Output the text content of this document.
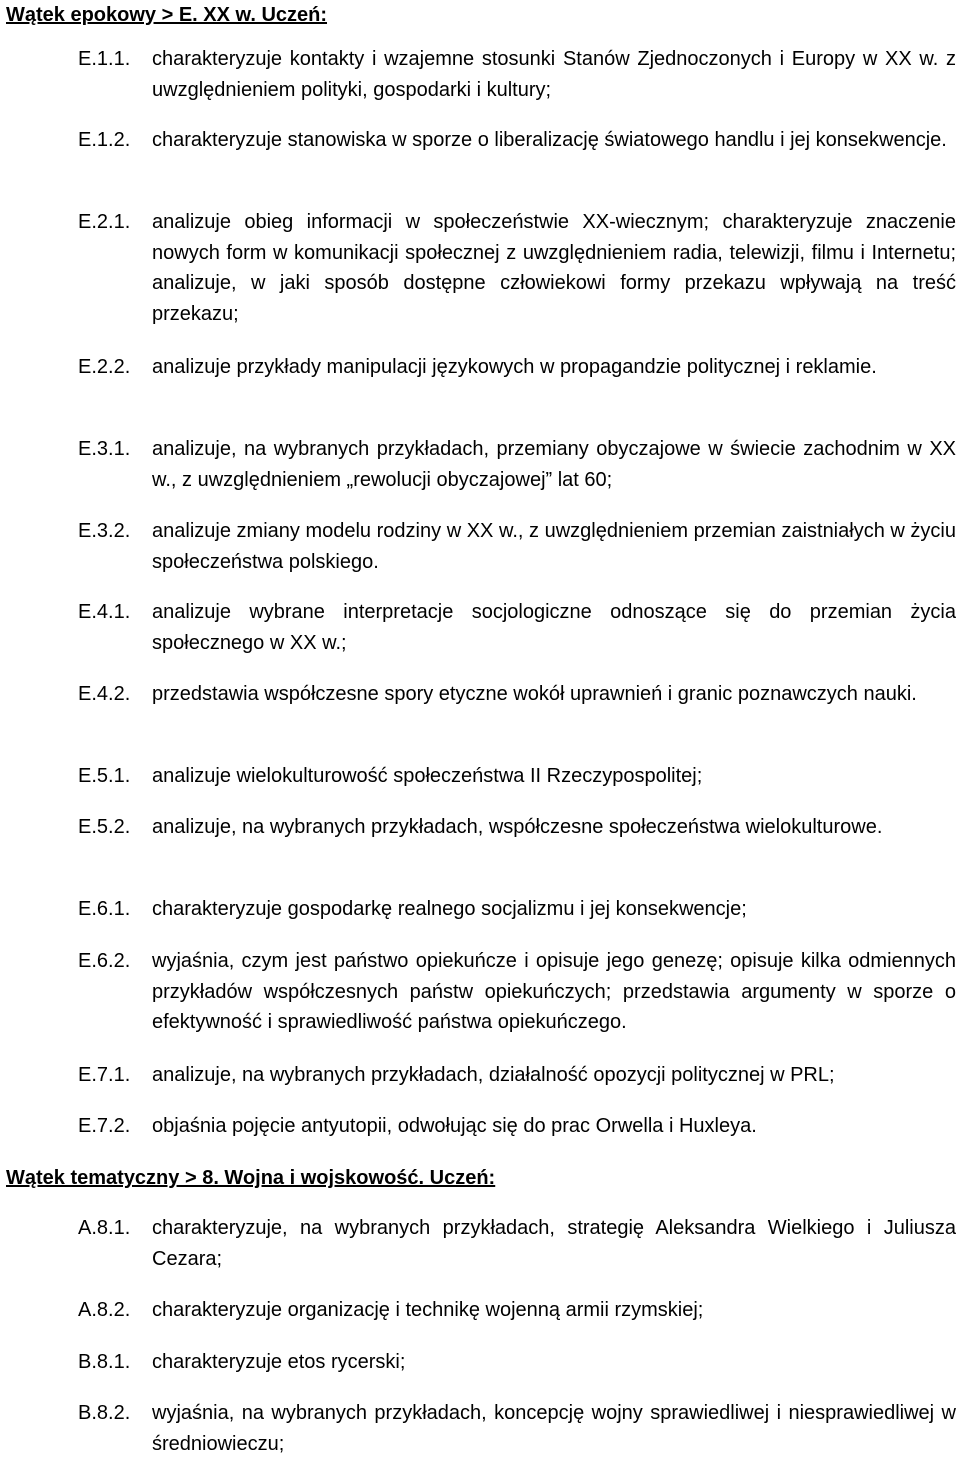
Wątek epokowy > E. XX w. Uczeń:
E.1.1.	charakteryzuje kontakty i wzajemne stosunki Stanów Zjednoczonych i Europy w XX w. z uwzględnieniem polityki, gospodarki i kultury;
E.1.2.	charakteryzuje stanowiska w sporze o liberalizację światowego handlu i jej konsekwencje.
E.2.1.	analizuje obieg informacji w społeczeństwie XX-wiecznym; charakteryzuje znaczenie nowych form w komunikacji społecznej z uwzględnieniem radia, telewizji, filmu i Internetu; analizuje, w jaki sposób dostępne człowiekowi formy przekazu wpływają na treść przekazu;
E.2.2.	analizuje przykłady manipulacji językowych w propagandzie politycznej i reklamie.
E.3.1.	analizuje, na wybranych przykładach, przemiany obyczajowe w świecie zachodnim w XX w., z uwzględnieniem „rewolucji obyczajowej” lat 60;
E.3.2.	analizuje zmiany modelu rodziny w XX w., z uwzględnieniem przemian zaistniałych w życiu społeczeństwa polskiego.
E.4.1.	analizuje wybrane interpretacje socjologiczne odnoszące się do przemian życia społecznego w XX w.;
E.4.2.	przedstawia współczesne spory etyczne wokół uprawnień i granic poznawczych nauki.
E.5.1.	analizuje wielokulturowość społeczeństwa II Rzeczypospolitej;
E.5.2.	analizuje, na wybranych przykładach, współczesne społeczeństwa wielokulturowe.
E.6.1.	charakteryzuje gospodarkę realnego socjalizmu i jej konsekwencje;
E.6.2.	wyjaśnia, czym jest państwo opiekuńcze i opisuje jego genezę; opisuje kilka odmiennych przykładów współczesnych państw opiekuńczych; przedstawia argumenty w sporze o efektywność i sprawiedliwość państwa opiekuńczego.
E.7.1.	analizuje, na wybranych przykładach, działalność opozycji politycznej w PRL;
E.7.2.	objaśnia pojęcie antyutopii, odwołując się do prac Orwella i Huxleya.
Wątek tematyczny > 8. Wojna i wojskowość. Uczeń:
A.8.1.	charakteryzuje, na wybranych przykładach, strategię Aleksandra Wielkiego i Juliusza Cezara;
A.8.2.	charakteryzuje organizację i technikę wojenną armii rzymskiej;
B.8.1.	charakteryzuje etos rycerski;
B.8.2.	wyjaśnia, na wybranych przykładach, koncepcję wojny sprawiedliwej i niesprawiedliwej w średniowieczu;
